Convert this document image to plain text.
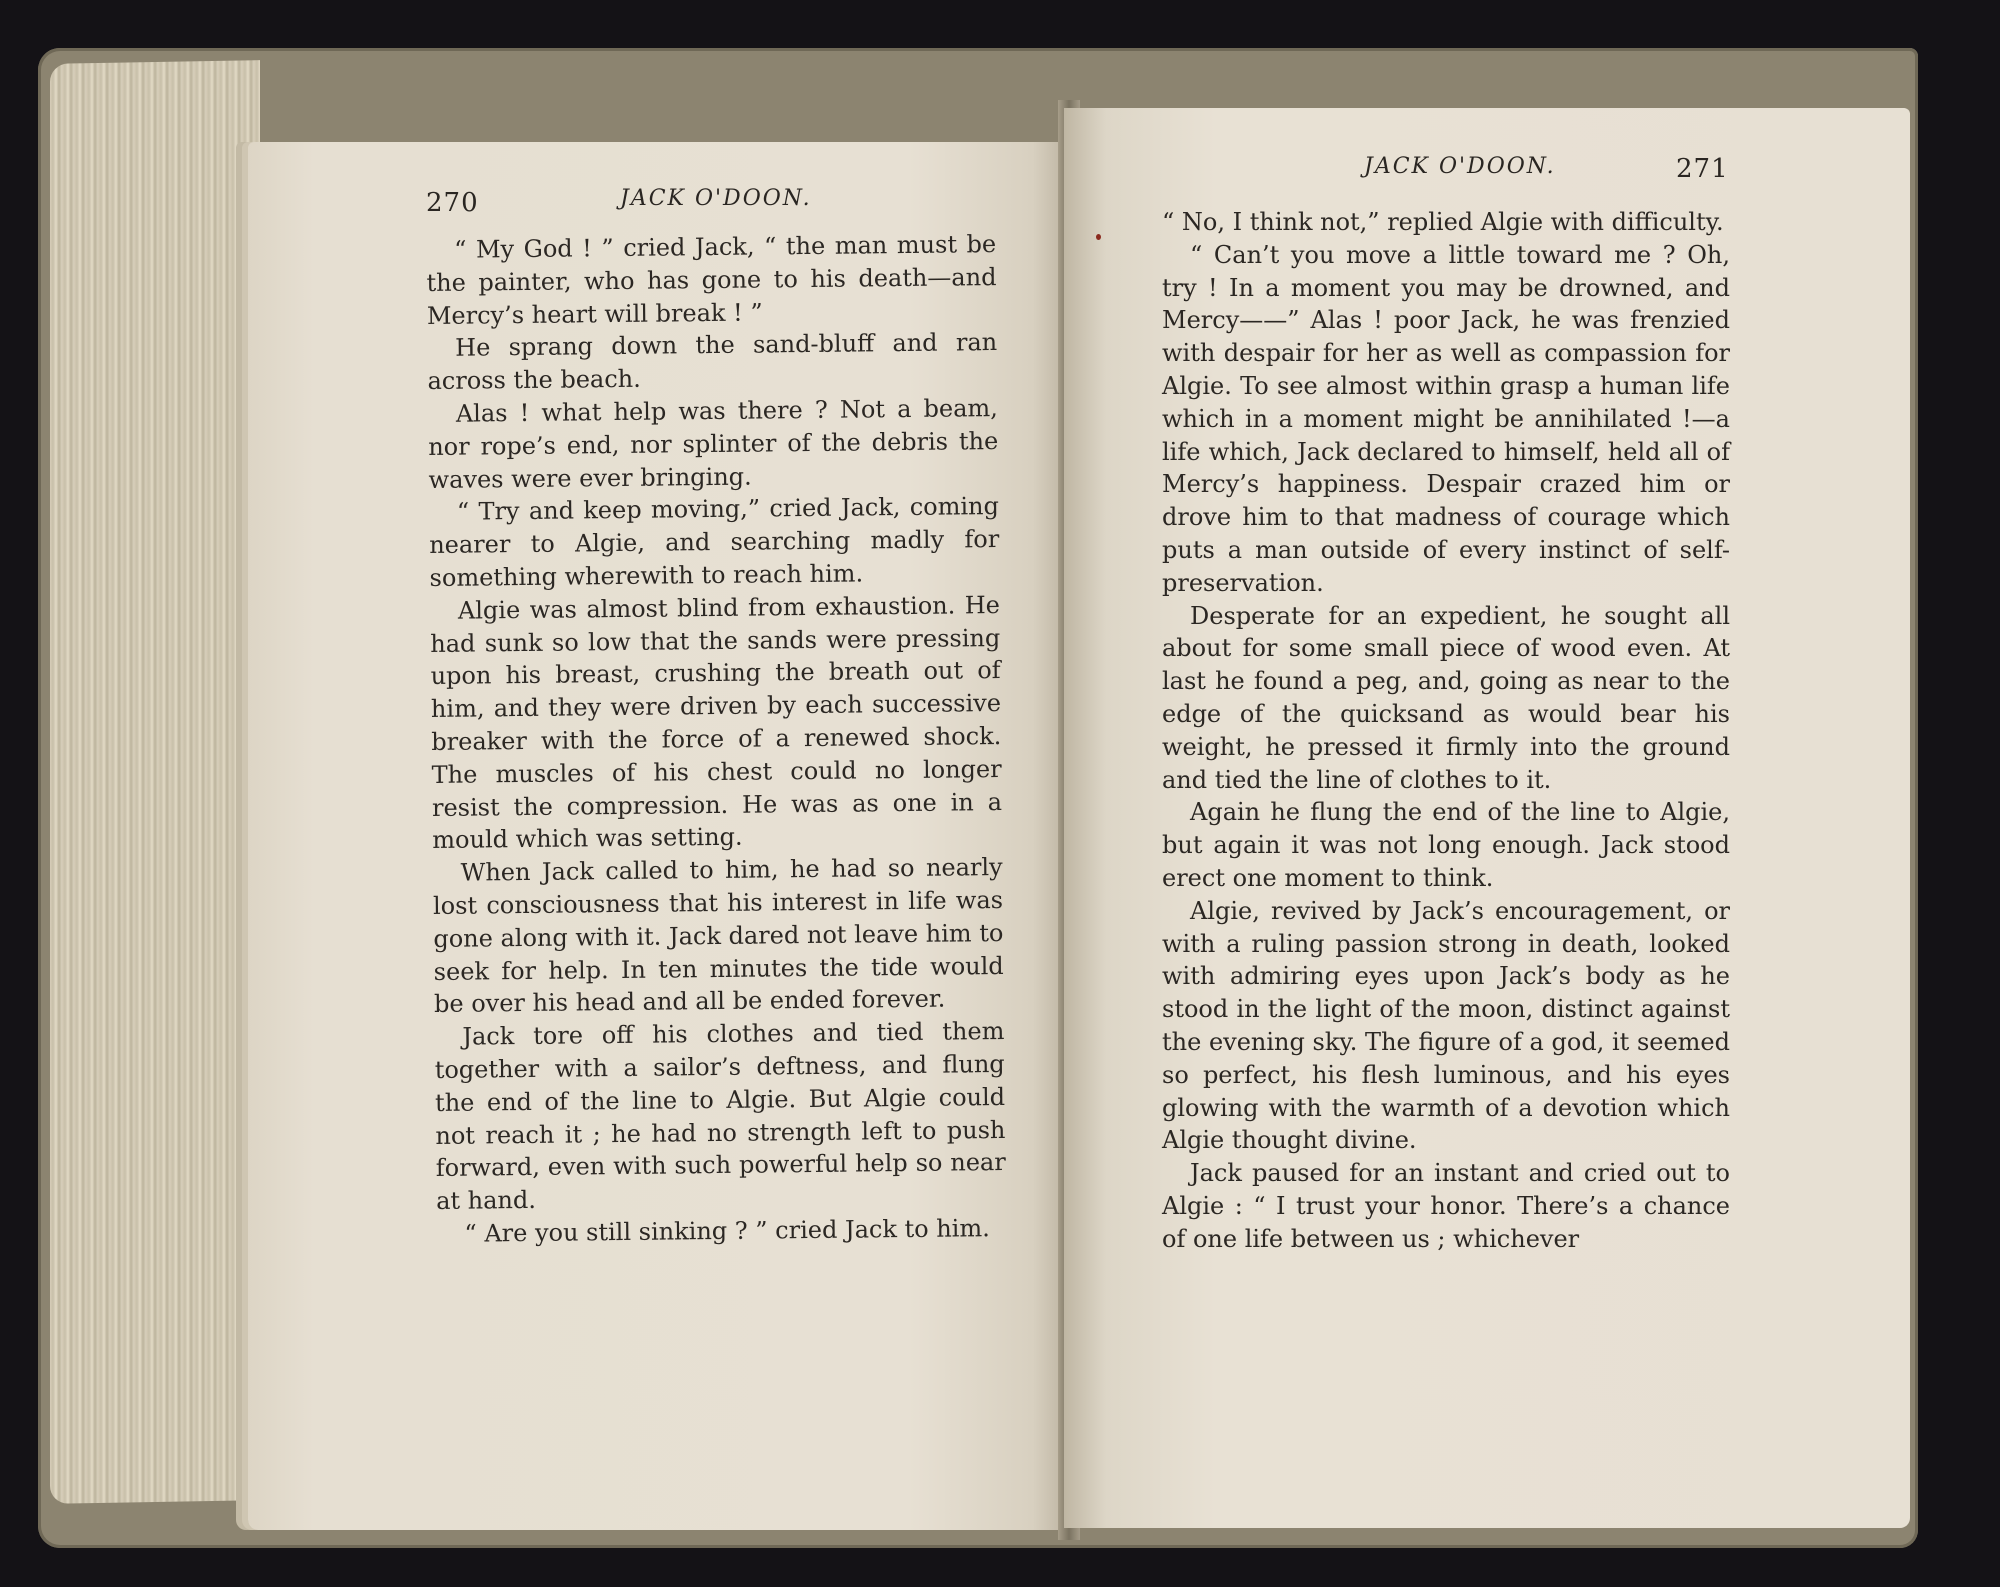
270	JACK O'DOON.

“ My God ! ” cried Jack, “ the man must be the painter, who has gone to his death—and Mercy’s heart will break ! ”

He sprang down the sand-bluff and ran across the beach.

Alas ! what help was there ? Not a beam, nor rope’s end, nor splinter of the debris the waves were ever bringing.

“ Try and keep moving,” cried Jack, coming nearer to Algie, and searching madly for something wherewith to reach him.

Algie was almost blind from exhaustion. He had sunk so low that the sands were pressing upon his breast, crushing the breath out of him, and they were driven by each successive breaker with the force of a renewed shock. The muscles of his chest could no longer resist the compression. He was as one in a mould which was setting.

When Jack called to him, he had so nearly lost consciousness that his interest in life was gone along with it. Jack dared not leave him to seek for help. In ten minutes the tide would be over his head and all be ended forever.

Jack tore off his clothes and tied them together with a sailor’s deftness, and flung the end of the line to Algie. But Algie could not reach it ; he had no strength left to push forward, even with such powerful help so near at hand.

“ Are you still sinking ? ” cried Jack to him.

JACK O'DOON.	271

“ No, I think not,” replied Algie with difficulty.

“ Can’t you move a little toward me ? Oh, try ! In a moment you may be drowned, and Mercy——” Alas ! poor Jack, he was frenzied with despair for her as well as compassion for Algie. To see almost within grasp a human life which in a moment might be annihilated !—a life which, Jack declared to himself, held all of Mercy’s happiness. Despair crazed him or drove him to that madness of courage which puts a man outside of every instinct of self-preservation.

Desperate for an expedient, he sought all about for some small piece of wood even. At last he found a peg, and, going as near to the edge of the quicksand as would bear his weight, he pressed it firmly into the ground and tied the line of clothes to it.

Again he flung the end of the line to Algie, but again it was not long enough. Jack stood erect one moment to think.

Algie, revived by Jack’s encouragement, or with a ruling passion strong in death, looked with admiring eyes upon Jack’s body as he stood in the light of the moon, distinct against the evening sky. The figure of a god, it seemed so perfect, his flesh luminous, and his eyes glowing with the warmth of a devotion which Algie thought divine.

Jack paused for an instant and cried out to Algie : “ I trust your honor. There’s a chance of one life between us ; whichever
